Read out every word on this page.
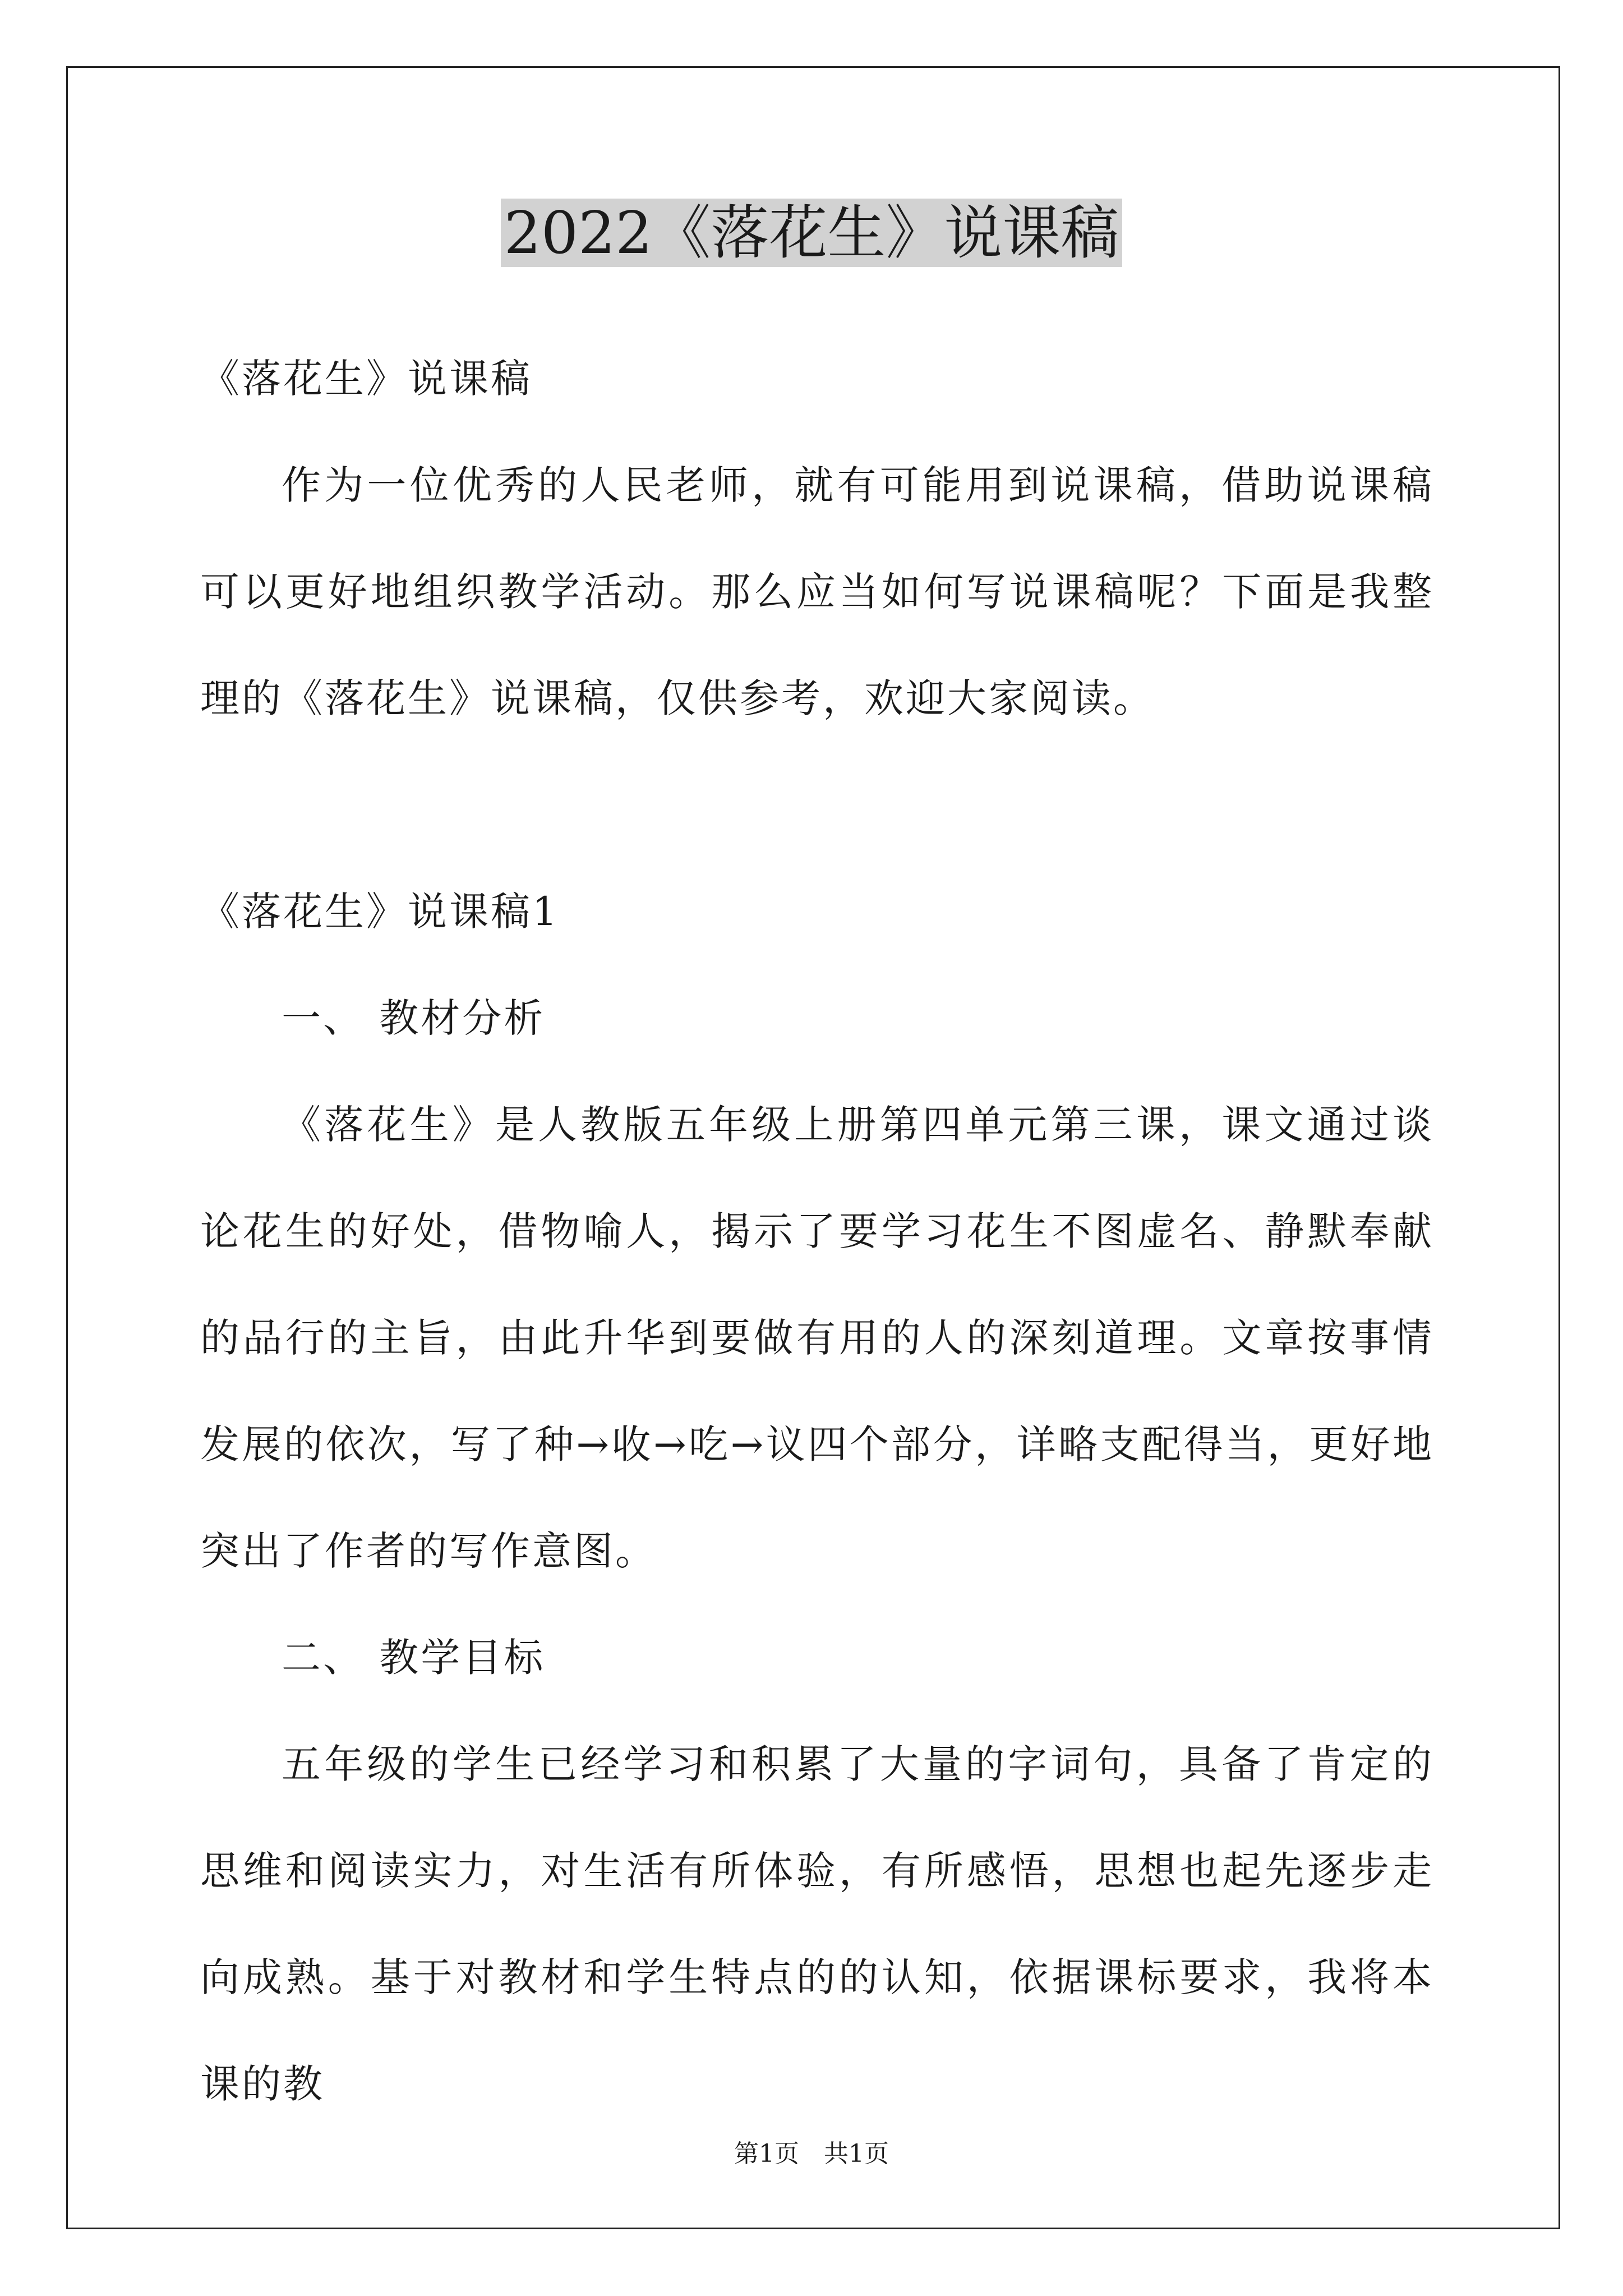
2022《落花生》说课稿

《落花生》说课稿

作为一位优秀的人民老师，就有可能用到说课稿，借助说课稿可以更好地组织教学活动。那么应当如何写说课稿呢？下面是我整理的《落花生》说课稿，仅供参考，欢迎大家阅读。

《落花生》说课稿1

一、 教材分析

《落花生》是人教版五年级上册第四单元第三课，课文通过谈论花生的好处，借物喻人，揭示了要学习花生不图虚名、静默奉献的品行的主旨，由此升华到要做有用的人的深刻道理。文章按事情发展的依次，写了种→收→吃→议四个部分，详略支配得当，更好地突出了作者的写作意图。

二、 教学目标

五年级的学生已经学习和积累了大量的字词句，具备了肯定的思维和阅读实力，对生活有所体验，有所感悟，思想也起先逐步走向成熟。基于对教材和学生特点的的认知，依据课标要求，我将本课的教

第1页　共1页
